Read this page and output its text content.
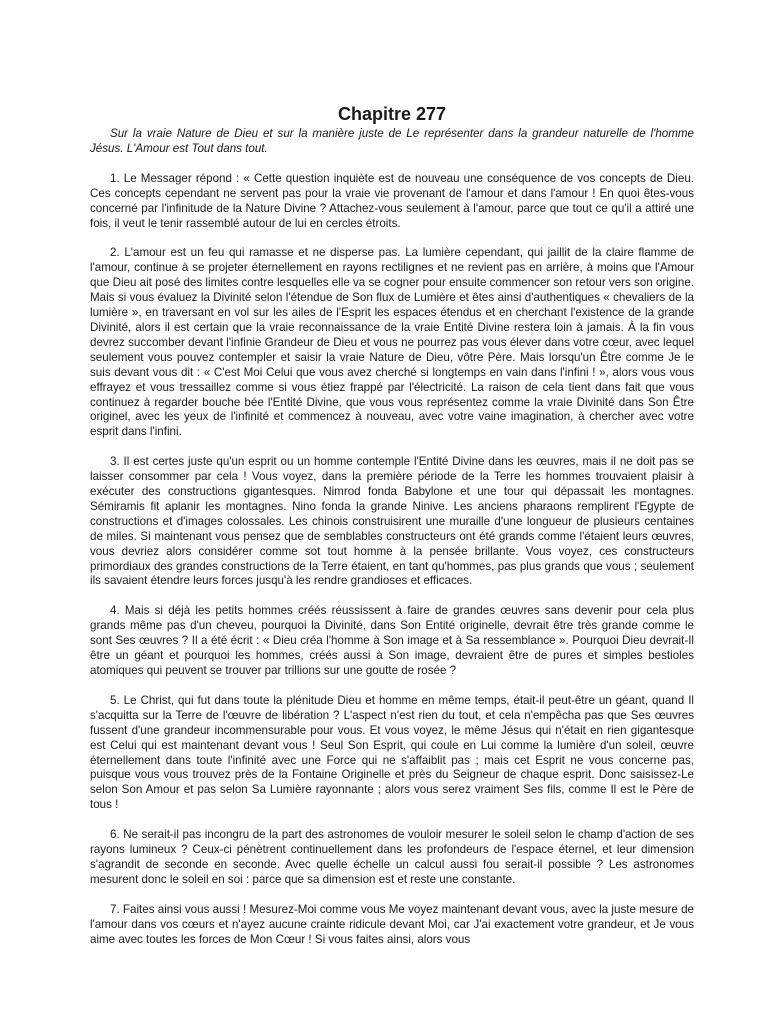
Chapitre 277
Sur la vraie Nature de Dieu et sur la manière juste de Le représenter dans la grandeur naturelle de l'homme Jésus. L'Amour est Tout dans tout.

1. Le Messager répond : « Cette question inquiète est de nouveau une conséquence de vos concepts de Dieu. Ces concepts cependant ne servent pas pour la vraie vie provenant de l'amour et dans l'amour ! En quoi êtes-vous concerné par l'infinitude de la Nature Divine ? Attachez-vous seulement à l'amour, parce que tout ce qu'il a attiré une fois, il veut le tenir rassemblé autour de lui en cercles étroits.

2. L'amour est un feu qui ramasse et ne disperse pas. La lumière cependant, qui jaillit de la claire flamme de l'amour, continue à se projeter éternellement en rayons rectilignes et ne revient pas en arrière, à moins que l'Amour que Dieu ait posé des limites contre lesquelles elle va se cogner pour ensuite commencer son retour vers son origine. Mais si vous évaluez la Divinité selon l'étendue de Son flux de Lumière et êtes ainsi d'authentiques « chevaliers de la lumière », en traversant en vol sur les ailes de l'Esprit les espaces étendus et en cherchant l'existence de la grande Divinité, alors il est certain que la vraie reconnaissance de la vraie Entité Divine restera loin à jamais. À la fin vous devrez succomber devant l'infinie Grandeur de Dieu et vous ne pourrez pas vous élever dans votre cœur, avec lequel seulement vous pouvez contempler et saisir la vraie Nature de Dieu, vôtre Père. Mais lorsqu'un Être comme Je le suis devant vous dit : « C'est Moi Celui que vous avez cherché si longtemps en vain dans l'infini ! », alors vous vous effrayez et vous tressaillez comme si vous étiez frappé par l'électricité. La raison de cela tient dans fait que vous continuez à regarder bouche bée l'Entité Divine, que vous vous représentez comme la vraie Divinité dans Son Être originel, avec les yeux de l'infinité et commencez à nouveau, avec votre vaine imagination, à chercher avec votre esprit dans l'infini.

3. Il est certes juste qu'un esprit ou un homme contemple l'Entité Divine dans les œuvres, mais il ne doit pas se laisser consommer par cela ! Vous voyez, dans la première période de la Terre les hommes trouvaient plaisir à exécuter des constructions gigantesques. Nimrod fonda Babylone et une tour qui dépassait les montagnes. Sémiramis fit aplanir les montagnes. Nino fonda la grande Ninive. Les anciens pharaons remplirent l'Egypte de constructions et d'images colossales. Les chinois construisirent une muraille d'une longueur de plusieurs centaines de miles. Si maintenant vous pensez que de semblables constructeurs ont été grands comme l'étaient leurs œuvres, vous devriez alors considérer comme sot tout homme à la pensée brillante. Vous voyez, ces constructeurs primordiaux des grandes constructions de la Terre étaient, en tant qu'hommes, pas plus grands que vous ; seulement ils savaient étendre leurs forces jusqu'à les rendre grandioses et efficaces.

4. Mais si déjà les petits hommes créés réussissent à faire de grandes œuvres sans devenir pour cela plus grands même pas d'un cheveu, pourquoi la Divinité, dans Son Entité originelle, devrait être très grande comme le sont Ses œuvres ? Il a été écrit : « Dieu créa l'homme à Son image et à Sa ressemblance ». Pourquoi Dieu devrait-Il être un géant et pourquoi les hommes, créés aussi à Son image, devraient être de pures et simples bestioles atomiques qui peuvent se trouver par trillions sur une goutte de rosée ?

5. Le Christ, qui fut dans toute la plénitude Dieu et homme en même temps, était-il peut-être un géant, quand Il s'acquitta sur la Terre de l'œuvre de libération ? L'aspect n'est rien du tout, et cela n'empêcha pas que Ses œuvres fussent d'une grandeur incommensurable pour vous. Et vous voyez, le même Jésus qui n'était en rien gigantesque est Celui qui est maintenant devant vous ! Seul Son Esprit, qui coule en Lui comme la lumière d'un soleil, œuvre éternellement dans toute l'infinité avec une Force qui ne s'affaiblit pas ; mais cet Esprit ne vous concerne pas, puisque vous vous trouvez près de la Fontaine Originelle et près du Seigneur de chaque esprit. Donc saisissez-Le selon Son Amour et pas selon Sa Lumière rayonnante ; alors vous serez vraiment Ses fils, comme Il est le Père de tous !

6. Ne serait-il pas incongru de la part des astronomes de vouloir mesurer le soleil selon le champ d'action de ses rayons lumineux ? Ceux-ci pénètrent continuellement dans les profondeurs de l'espace éternel, et leur dimension s'agrandit de seconde en seconde. Avec quelle échelle un calcul aussi fou serait-il possible ? Les astronomes mesurent donc le soleil en soi : parce que sa dimension est et reste une constante.

7. Faites ainsi vous aussi ! Mesurez-Moi comme vous Me voyez maintenant devant vous, avec la juste mesure de l'amour dans vos cœurs et n'ayez aucune crainte ridicule devant Moi, car J'ai exactement votre grandeur, et Je vous aime avec toutes les forces de Mon Cœur ! Si vous faites ainsi, alors vous
